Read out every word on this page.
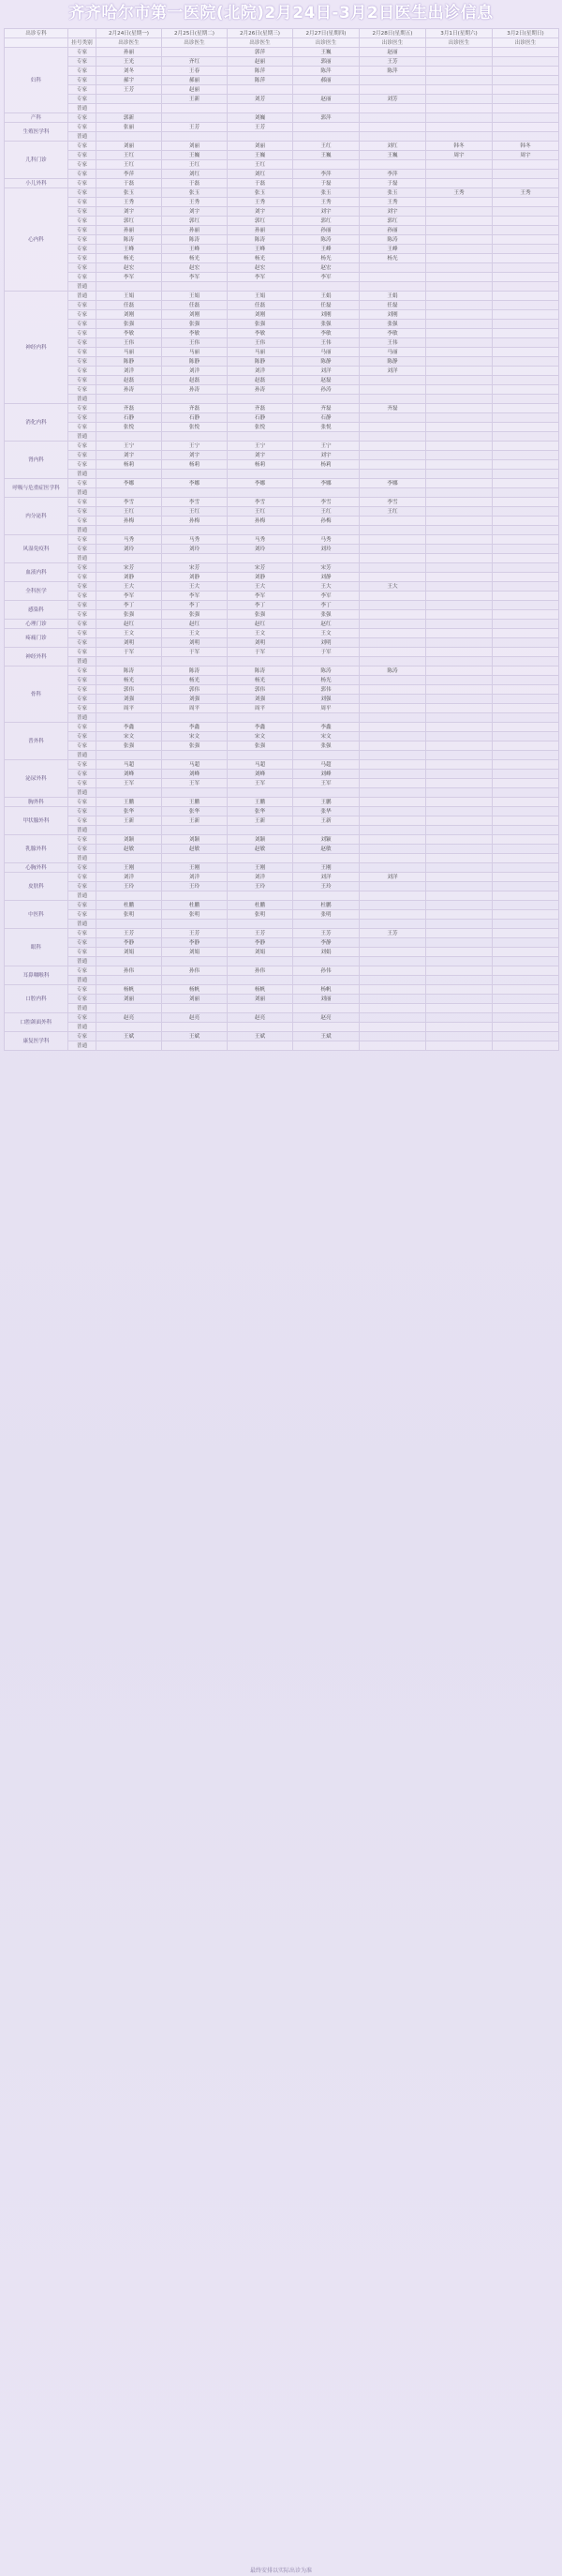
齐齐哈尔市第一医院(北院)2月24日-3月2日医生出诊信息
出诊专科		2月24日(星期一)	2月25日(星期二)	2月26日(星期三)	2月27日(星期四)	2月28日(星期五)	3月1日(星期六)	3月2日(星期日)
	挂号类别	出诊医生	出诊医生	出诊医生	出诊医生	出诊医生	出诊医生	出诊医生
妇科	专家	孙丽		郭萍	王巍	赵丽		
	专家	王光	齐红	赵丽	郭丽	王芳		
	专家	刘冬	王春	陈萍	陈萍	陈萍		
	专家	郝宇	郝丽	陈萍	郝丽			
	专家	王芳	赵丽					
	专家		王新	刘芳	赵丽	刘芳		
	普通							
产科	专家	郭新		刘巍	郭萍			
生殖医学科	专家	张丽	王芳	王芳				
	普通							
儿科门诊	专家	刘丽	刘丽	刘丽	王红	刘红	韩冬	韩冬
	专家	王红	王巍	王巍	王巍	王巍	周宇	周宇
	专家	王红	王红	王红				
	专家	李萍	刘红	刘红	李萍	李萍		
小儿外科	专家	于磊	于磊	于磊	于磊	于磊		
心内科	专家	张玉	张玉	张玉	张玉	张玉	王秀	王秀
	专家	王秀	王秀	王秀	王秀	王秀		
	专家	刘宇	刘宇	刘宇	刘宇	刘宇		
	专家	郭红	郭红	郭红	郭红	郭红		
	专家	孙丽	孙丽	孙丽	孙丽	孙丽		
	专家	陈涛	陈涛	陈涛	陈涛	陈涛		
	专家	王峰	王峰	王峰	王峰	王峰		
	专家	杨光	杨光	杨光	杨光	杨光		
	专家	赵宏	赵宏	赵宏	赵宏			
	专家	李军	李军	李军	李军			
	普通							
神经内科	普通	王娟	王娟	王娟	王娟	王娟		
	专家	任磊	任磊	任磊	任磊	任磊		
	专家	刘刚	刘刚	刘刚	刘刚	刘刚		
	专家	张强	张强	张强	张强	张强		
	专家	李敏	李敏	李敏	李敏	李敏		
	专家	王伟	王伟	王伟	王伟	王伟		
	专家	马丽	马丽	马丽	马丽	马丽		
	专家	陈静	陈静	陈静	陈静	陈静		
	专家	刘洋	刘洋	刘洋	刘洋	刘洋		
	专家	赵磊	赵磊	赵磊	赵磊			
	专家	孙涛	孙涛	孙涛	孙涛			
	普通							
消化内科	专家	齐磊	齐磊	齐磊	齐磊	齐磊		
	专家	石静	石静	石静	石静			
	专家	张悦	张悦	张悦	张悦			
	普通							
肾内科	专家	王宁	王宁	王宁	王宁			
	专家	刘宇	刘宇	刘宇	刘宇			
	专家	杨莉	杨莉	杨莉	杨莉			
	普通							
呼吸与危重症医学科	专家	李娜	李娜	李娜	李娜	李娜		
	普通							
内分泌科	专家	李雪	李雪	李雪	李雪	李雪		
	专家	王红	王红	王红	王红	王红		
	专家	孙梅	孙梅	孙梅	孙梅			
	普通							
风湿免疫科	专家	马秀	马秀	马秀	马秀			
	专家	刘玲	刘玲	刘玲	刘玲			
	普通							
血液内科	专家	宋芳	宋芳	宋芳	宋芳			
	专家	刘静	刘静	刘静	刘静			
全科医学	专家	王大	王大	王大	王大	王大		
	专家	李军	李军	李军	李军			
感染科	专家	李丁	李丁	李丁	李丁			
	专家	张强	张强	张强	张强			
心理门诊	专家	赵红	赵红	赵红	赵红			
疼痛门诊	专家	王文	王文	王文	王文			
	专家	刘明	刘明	刘明	刘明			
神经外科	专家	于军	于军	于军	于军			
	普通							
骨科	专家	陈涛	陈涛	陈涛	陈涛	陈涛		
	专家	杨光	杨光	杨光	杨光			
	专家	郭伟	郭伟	郭伟	郭伟			
	专家	刘强	刘强	刘强	刘强			
	专家	周平	周平	周平	周平			
	普通							
普外科	专家	李鑫	李鑫	李鑫	李鑫			
	专家	宋文	宋文	宋文	宋文			
	专家	张强	张强	张强	张强			
	普通							
泌尿外科	专家	马超	马超	马超	马超			
	专家	刘峰	刘峰	刘峰	刘峰			
	专家	王军	王军	王军	王军			
	普通							
胸外科	专家	王鹏	王鹏	王鹏	王鹏			
甲状腺外科	专家	张华	张华	张华	张华			
	专家	王新	王新	王新	王新			
	普通							
乳腺外科	专家	刘颖	刘颖	刘颖	刘颖			
	专家	赵敏	赵敏	赵敏	赵敏			
	普通							
心胸外科	专家	王刚	王刚	王刚	王刚			
皮肤科	专家	刘洋	刘洋	刘洋	刘洋	刘洋		
	专家	王玲	王玲	王玲	王玲			
	普通							
中医科	专家	杜鹏	杜鹏	杜鹏	杜鹏			
	专家	张明	张明	张明	张明			
	普通							
眼科	专家	王芳	王芳	王芳	王芳	王芳		
	专家	李静	李静	李静	李静			
	专家	刘娟	刘娟	刘娟	刘娟			
	普通							
耳鼻咽喉科	专家	孙伟	孙伟	孙伟	孙伟			
	普通							
口腔内科	专家	杨帆	杨帆	杨帆	杨帆			
	专家	刘丽	刘丽	刘丽	刘丽			
	普通							
口腔颌面外科	专家	赵亮	赵亮	赵亮	赵亮			
	普通							
康复医学科	专家	王斌	王斌	王斌	王斌			
	普通							
最终安排以实际出诊为准
